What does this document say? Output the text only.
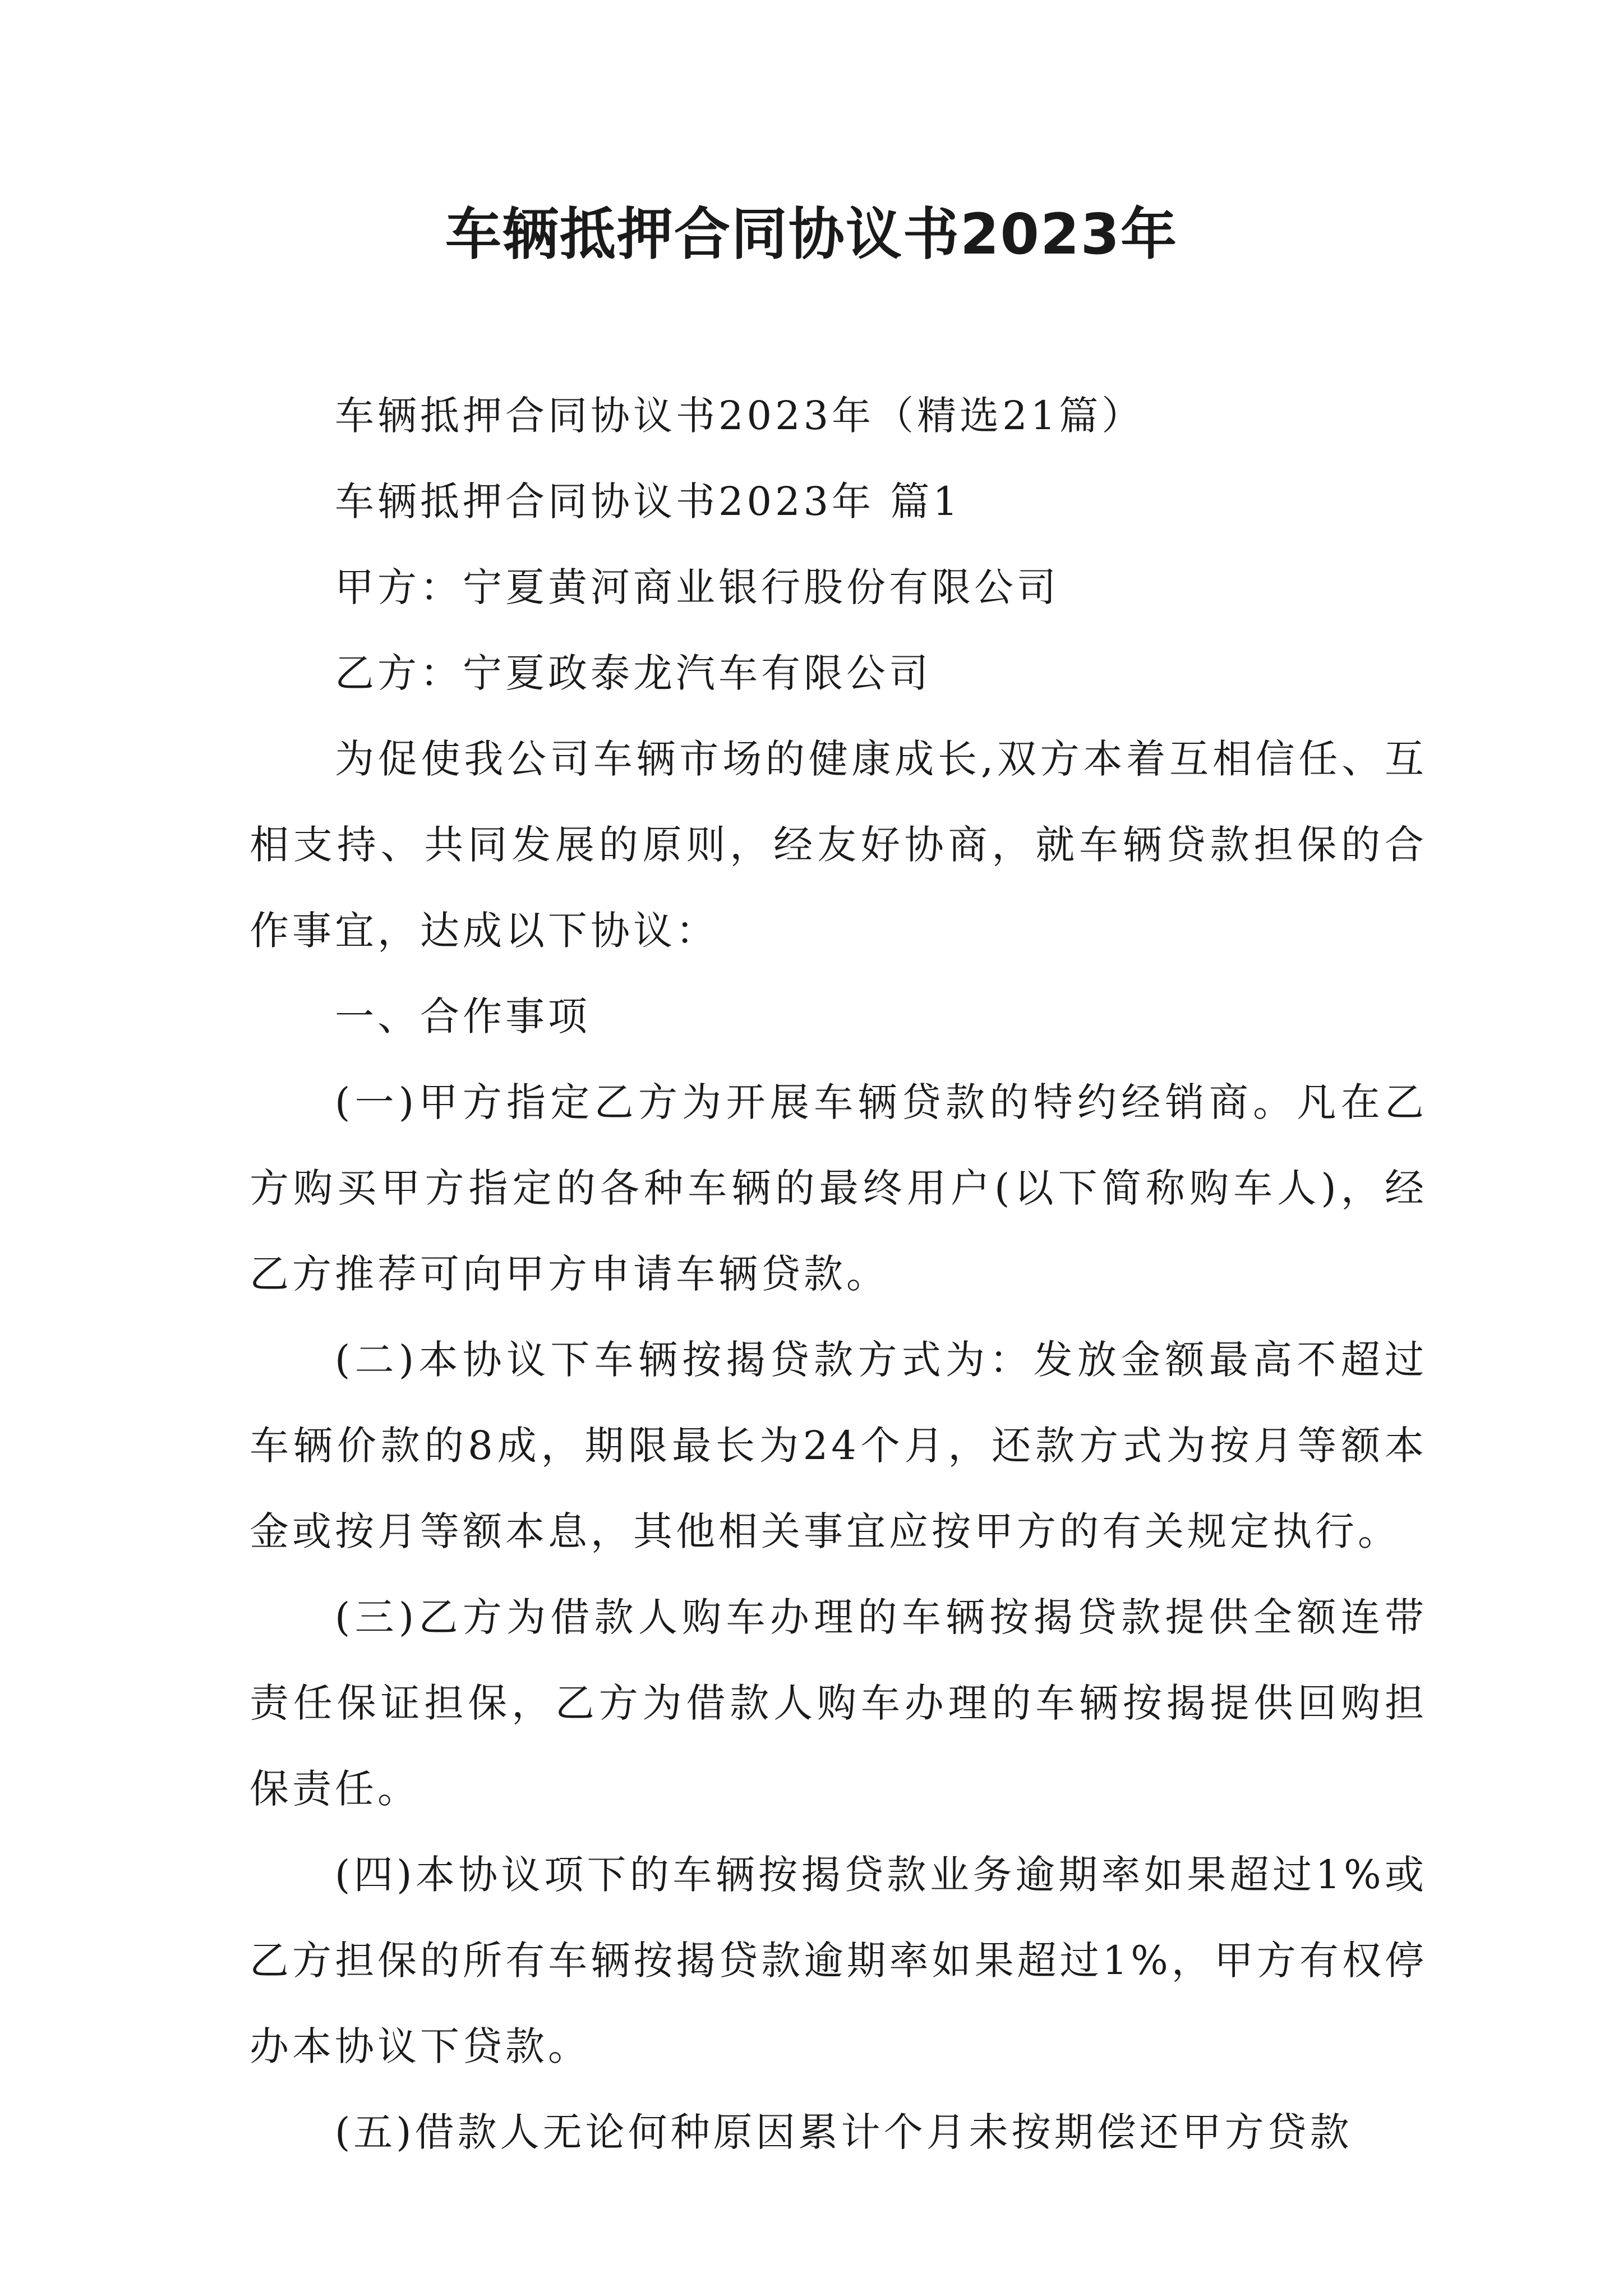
车辆抵押合同协议书2023年

车辆抵押合同协议书2023年（精选21篇）

车辆抵押合同协议书2023年 篇1

甲方：宁夏黄河商业银行股份有限公司

乙方：宁夏政泰龙汽车有限公司

为促使我公司车辆市场的健康成长,双方本着互相信任、互相支持、共同发展的原则，经友好协商，就车辆贷款担保的合作事宜，达成以下协议：

一、合作事项

(一)甲方指定乙方为开展车辆贷款的特约经销商。凡在乙方购买甲方指定的各种车辆的最终用户(以下简称购车人)，经乙方推荐可向甲方申请车辆贷款。

(二)本协议下车辆按揭贷款方式为：发放金额最高不超过车辆价款的8成，期限最长为24个月，还款方式为按月等额本金或按月等额本息，其他相关事宜应按甲方的有关规定执行。

(三)乙方为借款人购车办理的车辆按揭贷款提供全额连带责任保证担保，乙方为借款人购车办理的车辆按揭提供回购担保责任。

(四)本协议项下的车辆按揭贷款业务逾期率如果超过1%或乙方担保的所有车辆按揭贷款逾期率如果超过1%，甲方有权停办本协议下贷款。

(五)借款人无论何种原因累计个月未按期偿还甲方贷款
